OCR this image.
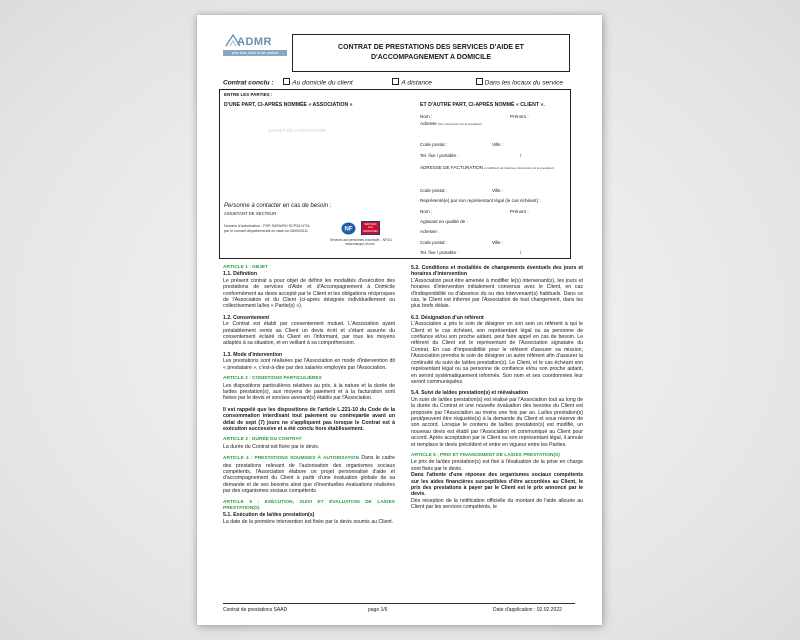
ADMR
pour tous, toute la vie, partout
CONTRAT DE PRESTATIONS DES SERVICES D'AIDE ET D'ACCOMPAGNEMENT A DOMICILE
Contrat conclu :	Au domicile du client	A distance	Dans les locaux du service
ENTRE LES PARTIES :
D'UNE PART, CI-APRÈS NOMMÉE « ASSOCIATION »
CACHET DE L'ASSOCIATION
Personne à contacter en cas de besoin :
ASSISTANT DE SECTEUR
Numéro d'autorisation : PSP-SAPA/RH SCP26 N°26
par le conseil départemental en date du 05/09/2011	NF
SERVICES AUX PERSONNES
Services aux personnes à domicile – NF311
www.marque-nf.com
ET D'AUTRE PART, CI-APRÈS NOMMÉ « CLIENT ».
Nom :	Prénom :
Adresse (lieu d'exécution de la prestation)
Code postal :	Ville :
Tel. fixe / portable :	/
ADRESSE DE FACTURATION (si différent de l'adresse d'exécution de la prestation)
Code postal :	Ville :
Représenté(e) par son représentant légal (le cas échéant) :
Nom :	Prénom :
Agissant en qualité de :
Adresse :
Code postal :	Ville :
Tel. fixe / portable :	/
ARTICLE 1 : OBJET
1.1. Définition
Le présent contrat a pour objet de définir les modalités d'exécution des prestations de services d'Aide et d'Accompagnement à Domicile conformément au devis accepté par le Client et les obligations réciproques de l'Association et du Client (ci-après désignés individuellement ou collectivement la/les « Partie(s) »).
1.2. Consentement
Le Contrat est établi par consentement mutuel. L'Association ayant préalablement remis au Client un devis écrit et s'étant assurée du consentement éclairé du Client en l'informant, par tous les moyens adaptés à sa situation, et en veillant à sa compréhension.
1.3. Mode d'intervention
Les prestations sont réalisées par l'Association en mode d'intervention dit « prestataire », c'est-à-dire par des salariés employés par l'Association.
ARTICLE 2 : CONDITIONS PARTICULIÈRES
Les dispositions particulières relatives au prix, à la nature et la durée de la/des prestation(s), aux moyens de paiement et à la facturation sont fixées par le devis et son/ses avenant(s) établis par l'Association.
Il est rappelé que les dispositions de l'article L.221-10 du Code de la consommation interdisant tout paiement ou contrepartie avant un délai de sept (7) jours ne s'appliquent pas lorsque le Contrat est à exécution successive et a été conclu hors établissement.
ARTICLE 3 : DURÉE DU CONTRAT
La durée du Contrat est fixée par le devis.
ARTICLE 4 : PRESTATIONS SOUMISES À AUTORISATION Dans le cadre des prestations relevant de l'autorisation des organismes sociaux compétents, l'Association élabore un projet personnalisé d'aide et d'accompagnement du Client à partir d'une évaluation globale de sa demande et de ses besoins ainsi que d'éventuelles évaluations réalisées par des organismes sociaux compétents.
ARTICLE 5 : EXÉCUTION, SUIVI ET ÉVALUATION DE LA/DES PRESTATION(S)
5.1. Exécution de la/des prestation(s)
La date de la première intervention est fixée par le devis soumis au Client.
5.2. Conditions et modalités de changements éventuels des jours et horaires d'intervention
L'Association peut être amenée à modifier le(s) intervenant(s), les jours et horaires d'intervention initialement convenus avec le Client, en cas d'indisponibilité ou d'absence du ou des intervenant(s) habituels. Dans ce cas, le Client est informé par l'Association de tout changement, dans les plus brefs délais.
6.3. Désignation d'un référent
L'Association a pris le soin de désigner en son sein un référent à qui le Client et le cas échéant, son représentant légal ou sa personne de confiance et/ou son proche aidant, peut faire appel en cas de besoin. Le référent du Client est le représentant de l'Association signataire du Contrat. En cas d'impossibilité pour le référent d'assurer sa mission, l'Association prendra le soin de désigner un autre référent afin d'assurer la continuité du suivi de la/des prestation(s). Le Client, et le cas échéant son représentant légal ou sa personne de confiance et/ou son proche aidant, en seront systématiquement informés. Son nom et ses coordonnées leur seront communiquées.
5.4. Suivi de la/des prestation(s) et réévaluation
Un suivi de la/des prestation(s) est réalisé par l'Association tout au long de la durée du Contrat et une nouvelle évaluation des besoins du Client est proposée par l'Association au moins une fois par an. La/les prestation(s) peut/peuvent être réajustée(s) à la demande du Client et sous réserve de son accord. Lorsque le contenu de la/des prestation(s) est modifié, un nouveau devis est établi par l'Association et communiqué au Client pour accord. Après acceptation par le Client ou son représentant légal, il annule et remplace le devis précédent et entre en vigueur entre les Parties.
ARTICLE 6 : PRIX ET FINANCEMENT DE LA/DES PRESTATION(S)
Le prix de la/des prestation(s) est fixé à l'évaluation de la prise en charge sont fixés par le devis.
Dans l'attente d'une réponse des organismes sociaux compétents sur les aides financières susceptibles d'être accordées au Client, le prix des prestations à payer par le Client est le prix annoncé par le devis.
Dès réception de la notification officielle du montant de l'aide allouée au Client par les services compétents, le
Contrat de prestations SAAD	page 1/6	Date d'application : 02.02.2022
